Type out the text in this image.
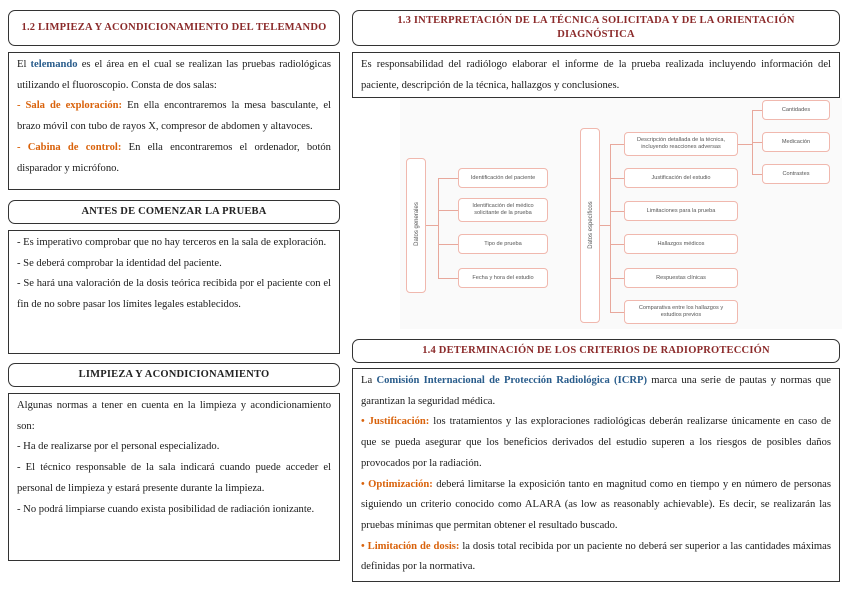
1.2 LIMPIEZA Y ACONDICIONAMIENTO DEL TELEMANDO

El telemando es el área en el cual se realizan las pruebas radiológicas utilizando el fluoroscopio. Consta de dos salas:

- Sala de exploración: En ella encontraremos la mesa basculante, el brazo móvil con tubo de rayos X, compresor de abdomen y altavoces.

- Cabina de control: En ella encontraremos el ordenador, botón disparador y micrófono.

ANTES DE COMENZAR LA PRUEBA

- Es imperativo comprobar que no hay terceros en la sala de exploración.

- Se deberá comprobar la identidad del paciente.

- Se hará una valoración de la dosis teórica recibida por el paciente con el fin de no sobre pasar los límites legales establecidos.

LIMPIEZA Y ACONDICIONAMIENTO

Algunas normas a tener en cuenta en la limpieza y acondicionamiento son:

- Ha de realizarse por el personal especializado.

- El técnico responsable de la sala indicará cuando puede acceder el personal de limpieza y estará presente durante la limpieza.

- No podrá limpiarse cuando exista posibilidad de radiación ionizante.

1.3 INTERPRETACIÓN DE LA TÉCNICA SOLICITADA Y DE LA ORIENTACIÓN DIAGNÓSTICA

Es responsabilidad del radiólogo elaborar el informe de la prueba realizada incluyendo información del paciente, descripción de la técnica, hallazgos y conclusiones.

Datos generales
Identificación del paciente
Identificación del médico solicitante de la prueba
Tipo de prueba
Fecha y hora del estudio
Datos específicos
Descripción detallada de la técnica, incluyendo reacciones adversas
Justificación del estudio
Limitaciones para la prueba
Hallazgos médicos
Respuestas clínicas
Comparativa entre los hallazgos y estudios previos
Cantidades
Medicación
Contrastes
1.4 DETERMINACIÓN DE LOS CRITERIOS DE RADIOPROTECCIÓN

La Comisión Internacional de Protección Radiológica (ICRP) marca una serie de pautas y normas que garantizan la seguridad médica.

• Justificación: los tratamientos y las exploraciones radiológicas deberán realizarse únicamente en caso de que se pueda asegurar que los beneficios derivados del estudio superen a los riesgos de posibles daños provocados por la radiación.

• Optimización: deberá limitarse la exposición tanto en magnitud como en tiempo y en número de personas siguiendo un criterio conocido como ALARA (as low as reasonably achievable). Es decir, se realizarán las pruebas mínimas que permitan obtener el resultado buscado.

• Limitación de dosis: la dosis total recibida por un paciente no deberá ser superior a las cantidades máximas definidas por la normativa.
